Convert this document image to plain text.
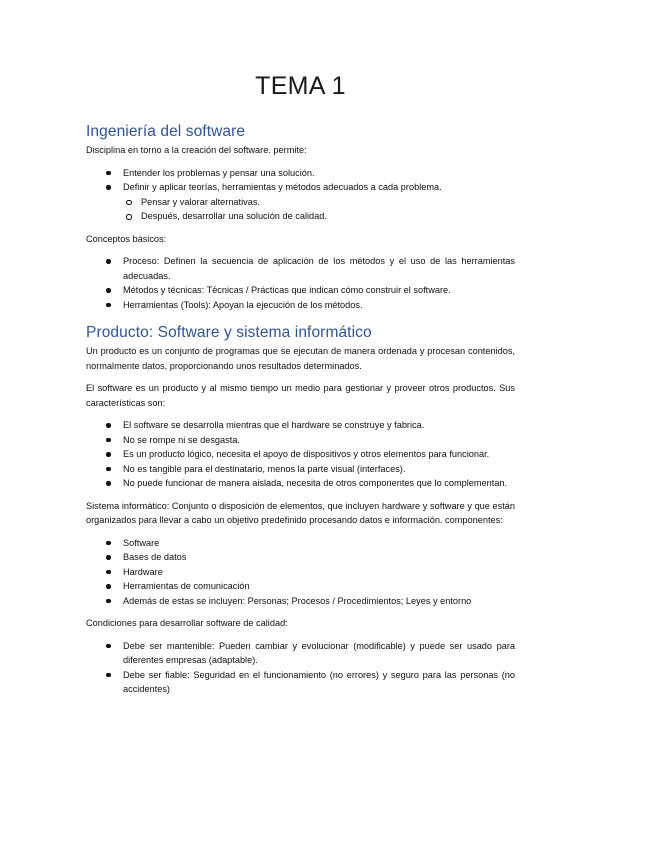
TEMA 1
Ingeniería del software

Disciplina en torno a la creación del software. permite:

Entender los problemas y pensar una solución.
Definir y aplicar teorías, herramientas y métodos adecuados a cada problema.
Pensar y valorar alternativas.
Después, desarrollar una solución de calidad.

Conceptos básicos:

Proceso: Definen la secuencia de aplicación de los métodos y el uso de las herramientas adecuadas.
Métodos y técnicas: Técnicas / Prácticas que indican cómo construir el software.
Herramientas (Tools): Apoyan la ejecución de los métodos.
Producto: Software y sistema informático

Un producto es un conjunto de programas que se ejecutan de manera ordenada y procesan contenidos, normalmente datos, proporcionando unos resultados determinados.

El software es un producto y al mismo tiempo un medio para gestionar y proveer otros productos. Sus características son:

El software se desarrolla mientras que el hardware se construye y fabrica.
No se rompe ni se desgasta.
Es un producto lógico, necesita el apoyo de dispositivos y otros elementos para funcionar.
No es tangible para el destinatario, menos la parte visual (interfaces).
No puede funcionar de manera aislada, necesita de otros componentes que lo complementan.

Sistema informático: Conjunto o disposición de elementos, que incluyen hardware y software y que están organizados para llevar a cabo un objetivo predefinido procesando datos e información. componentes:

Software
Bases de datos
Hardware
Herramientas de comunicación
Además de estas se incluyen: Personas; Procesos / Procedimientos; Leyes y entorno

Condiciones para desarrollar software de calidad:

Debe ser mantenible: Pueden cambiar y evolucionar (modificable) y puede ser usado para diferentes empresas (adaptable).
Debe ser fiable: Seguridad en el funcionamiento (no errores) y seguro para las personas (no accidentes)
